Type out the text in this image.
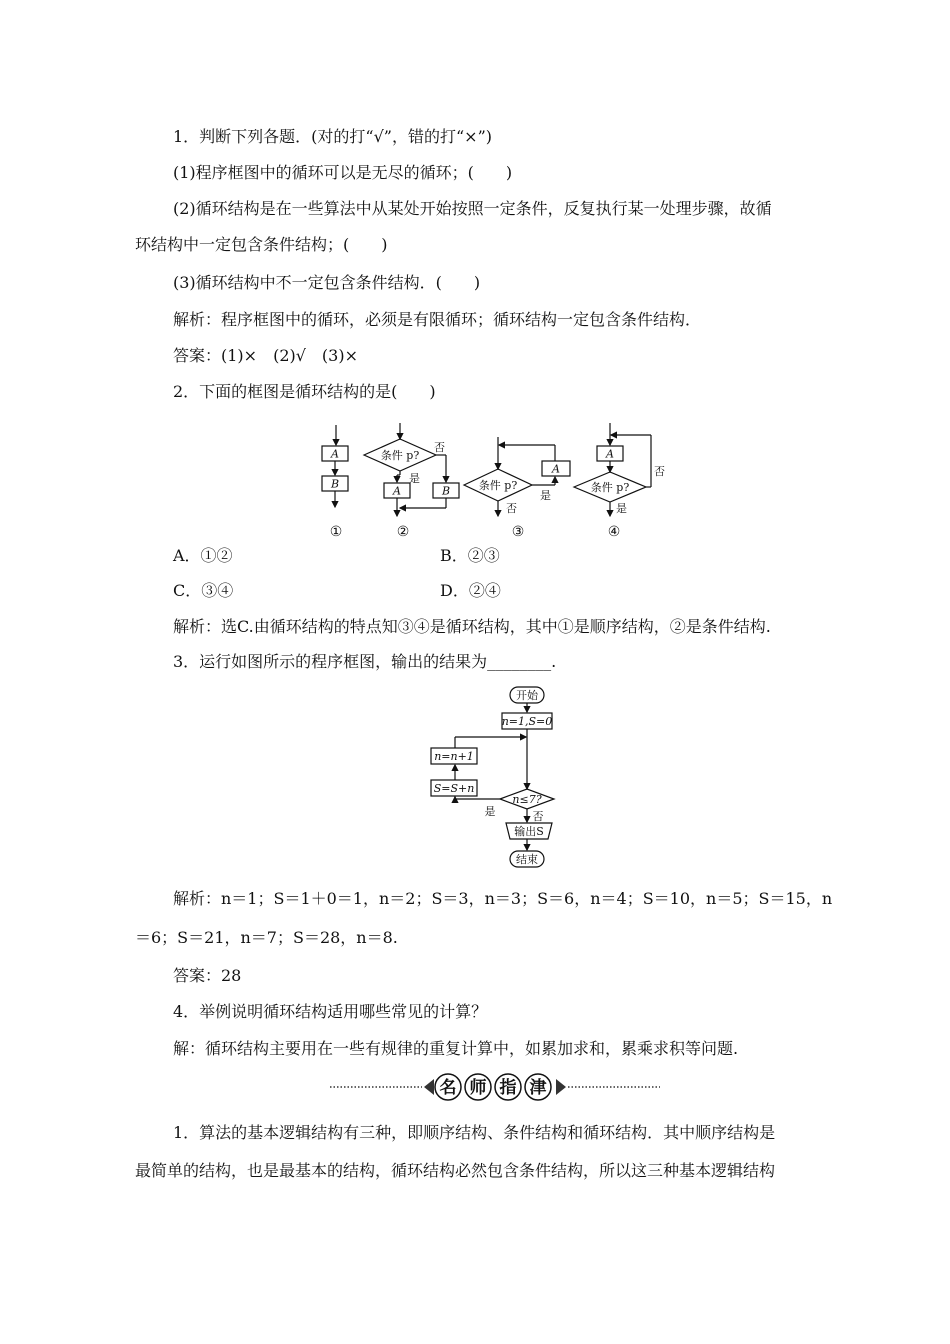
1．判断下列各题．(对的打“√”，错的打“×”)
(1)程序框图中的循环可以是无尽的循环；(　　)
(2)循环结构是在一些算法中从某处开始按照一定条件，反复执行某一处理步骤，故循
环结构中一定包含条件结构；(　　)
(3)循环结构中不一定包含条件结构．(　　)
解析：程序框图中的循环，必须是有限循环；循环结构一定包含条件结构．
答案：(1)×　(2)√　(3)×
2．下面的框图是循环结构的是(　　)
A
B
条件 p?
否
是
A	B	条件 p?
A
是
否
A
条件 p?
否
是
①	②	③	④
A．①②	B．②③
C．③④	D．②④
解析：选C.由循环结构的特点知③④是循环结构，其中①是顺序结构，②是条件结构.
3．运行如图所示的程序框图，输出的结果为________.
开始
n=1,S=0
n=n+1
S=S+n
n≤7?
是	否
输出S
结束
解析：n＝1；S＝1＋0＝1，n＝2；S＝3，n＝3；S＝6，n＝4；S＝10，n＝5；S＝15，n
＝6；S＝21，n＝7；S＝28，n＝8.
答案：28
4．举例说明循环结构适用哪些常见的计算？
解：循环结构主要用在一些有规律的重复计算中，如累加求和，累乘求积等问题.
名 师 指 津
1．算法的基本逻辑结构有三种，即顺序结构、条件结构和循环结构．其中顺序结构是
最简单的结构，也是最基本的结构，循环结构必然包含条件结构，所以这三种基本逻辑结构
